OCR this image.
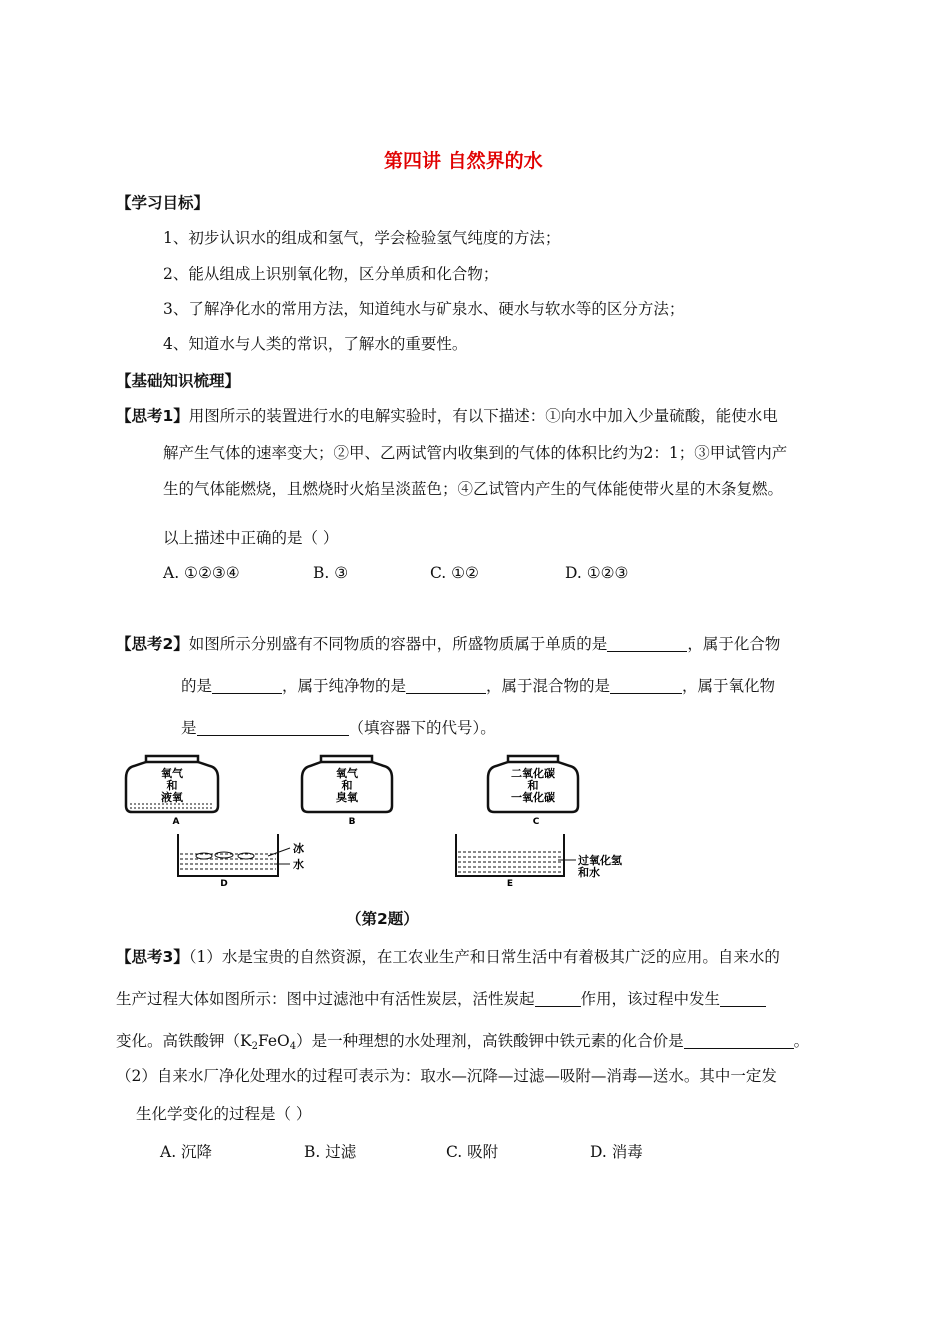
第四讲 自然界的水
【学习目标】
1、初步认识水的组成和氢气，学会检验氢气纯度的方法；
2、能从组成上识别氧化物，区分单质和化合物；
3、了解净化水的常用方法，知道纯水与矿泉水、硬水与软水等的区分方法；
4、知道水与人类的常识，了解水的重要性。
【基础知识梳理】
【思考1】用图所示的装置进行水的电解实验时，有以下描述：①向水中加入少量硫酸，能使水电
解产生气体的速率变大；②甲、乙两试管内收集到的气体的体积比约为2：1；③甲试管内产
生的气体能燃烧，且燃烧时火焰呈淡蓝色；④乙试管内产生的气体能使带火星的木条复燃。
以上描述中正确的是（ ）
A. ①②③④	B. ③	C. ①②	D. ①②③
【思考2】如图所示分别盛有不同物质的容器中，所盛物质属于单质的是	，属于化合物
的是	，属于纯净物的是	，属于混合物的是	，属于氧化物
是	（填容器下的代号）。
氧气
和
液氧
A
氧气
和
臭氧
B
二氧化碳
和
一氧化碳
C
冰
水
D
过氧化氢
和水
E
（第2题）
【思考3】（1）水是宝贵的自然资源，在工农业生产和日常生活中有着极其广泛的应用。自来水的
生产过程大体如图所示：图中过滤池中有活性炭层，活性炭起	作用，该过程中发生
变化。高铁酸钾$(K_2FeO_4)$是一种理想的水处理剂，高铁酸钾中铁元素的化合价是	。
（2）自来水厂净化处理水的过程可表示为：取水—沉降—过滤—吸附—消毒—送水。其中一定发
生化学变化的过程是（ ）
A. 沉降	B. 过滤	C. 吸附	D. 消毒
